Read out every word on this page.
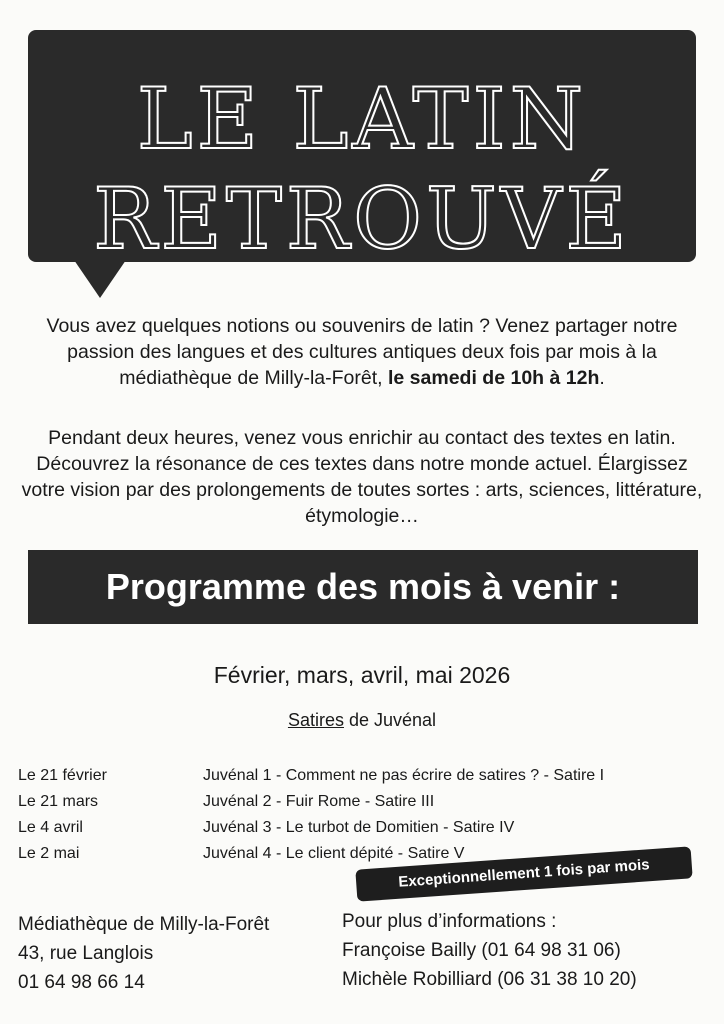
LE LATIN
RETROUVÉ

Vous avez quelques notions ou souvenirs de latin ? Venez partager notre passion des langues et des cultures antiques deux fois par mois à la médiathèque de Milly-la-Forêt, le samedi de 10h à 12h.

Pendant deux heures, venez vous enrichir au contact des textes en latin. Découvrez la résonance de ces textes dans notre monde actuel. Élargissez votre vision par des prolongements de toutes sortes : arts, sciences, littérature, étymologie…

Programme des mois à venir :
Février, mars, avril, mai 2026
Satires de Juvénal
Le 21 février	Juvénal 1 - Comment ne pas écrire de satires ? - Satire I
Le 21 mars	Juvénal 2 - Fuir Rome - Satire III
Le 4 avril	Juvénal 3 - Le turbot de Domitien - Satire IV
Le 2 mai	Juvénal 4 - Le client dépité - Satire V
Exceptionnellement 1 fois par mois
Médiathèque de Milly-la-Forêt
43, rue Langlois
01 64 98 66 14
Pour plus d’informations :
Françoise Bailly (01 64 98 31 06)
Michèle Robilliard (06 31 38 10 20)
